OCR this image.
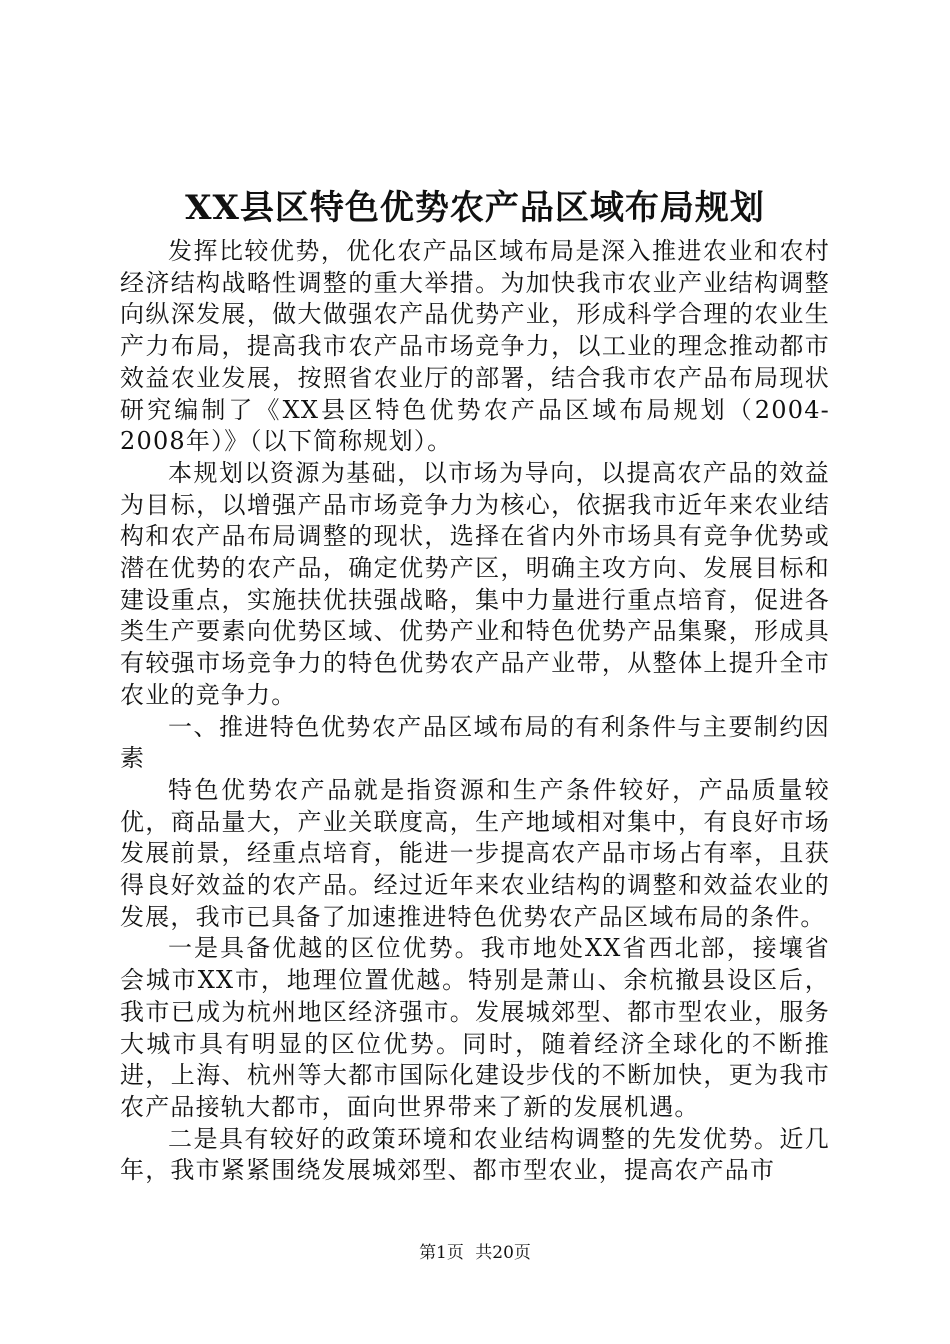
XX县区特色优势农产品区域布局规划

发挥比较优势，优化农产品区域布局是深入推进农业和农村经济结构战略性调整的重大举措。为加快我市农业产业结构调整向纵深发展，做大做强农产品优势产业，形成科学合理的农业生产力布局，提高我市农产品市场竞争力，以工业的理念推动都市效益农业发展，按照省农业厅的部署，结合我市农产品布局现状研究编制了《XX县区特色优势农产品区域布局规划（2004-2008年）》（以下简称规划）。

本规划以资源为基础，以市场为导向，以提高农产品的效益为目标，以增强产品市场竞争力为核心，依据我市近年来农业结构和农产品布局调整的现状，选择在省内外市场具有竞争优势或潜在优势的农产品，确定优势产区，明确主攻方向、发展目标和建设重点，实施扶优扶强战略，集中力量进行重点培育，促进各类生产要素向优势区域、优势产业和特色优势产品集聚，形成具有较强市场竞争力的特色优势农产品产业带，从整体上提升全市农业的竞争力。

一、推进特色优势农产品区域布局的有利条件与主要制约因素

特色优势农产品就是指资源和生产条件较好，产品质量较优，商品量大，产业关联度高，生产地域相对集中，有良好市场发展前景，经重点培育，能进一步提高农产品市场占有率，且获得良好效益的农产品。经过近年来农业结构的调整和效益农业的发展，我市已具备了加速推进特色优势农产品区域布局的条件。

一是具备优越的区位优势。我市地处XX省西北部，接壤省会城市XX市，地理位置优越。特别是萧山、余杭撤县设区后，我市已成为杭州地区经济强市。发展城郊型、都市型农业，服务大城市具有明显的区位优势。同时，随着经济全球化的不断推进，上海、杭州等大都市国际化建设步伐的不断加快，更为我市农产品接轨大都市，面向世界带来了新的发展机遇。

二是具有较好的政策环境和农业结构调整的先发优势。近几年，我市紧紧围绕发展城郊型、都市型农业，提高农产品市

第1页 共20页
